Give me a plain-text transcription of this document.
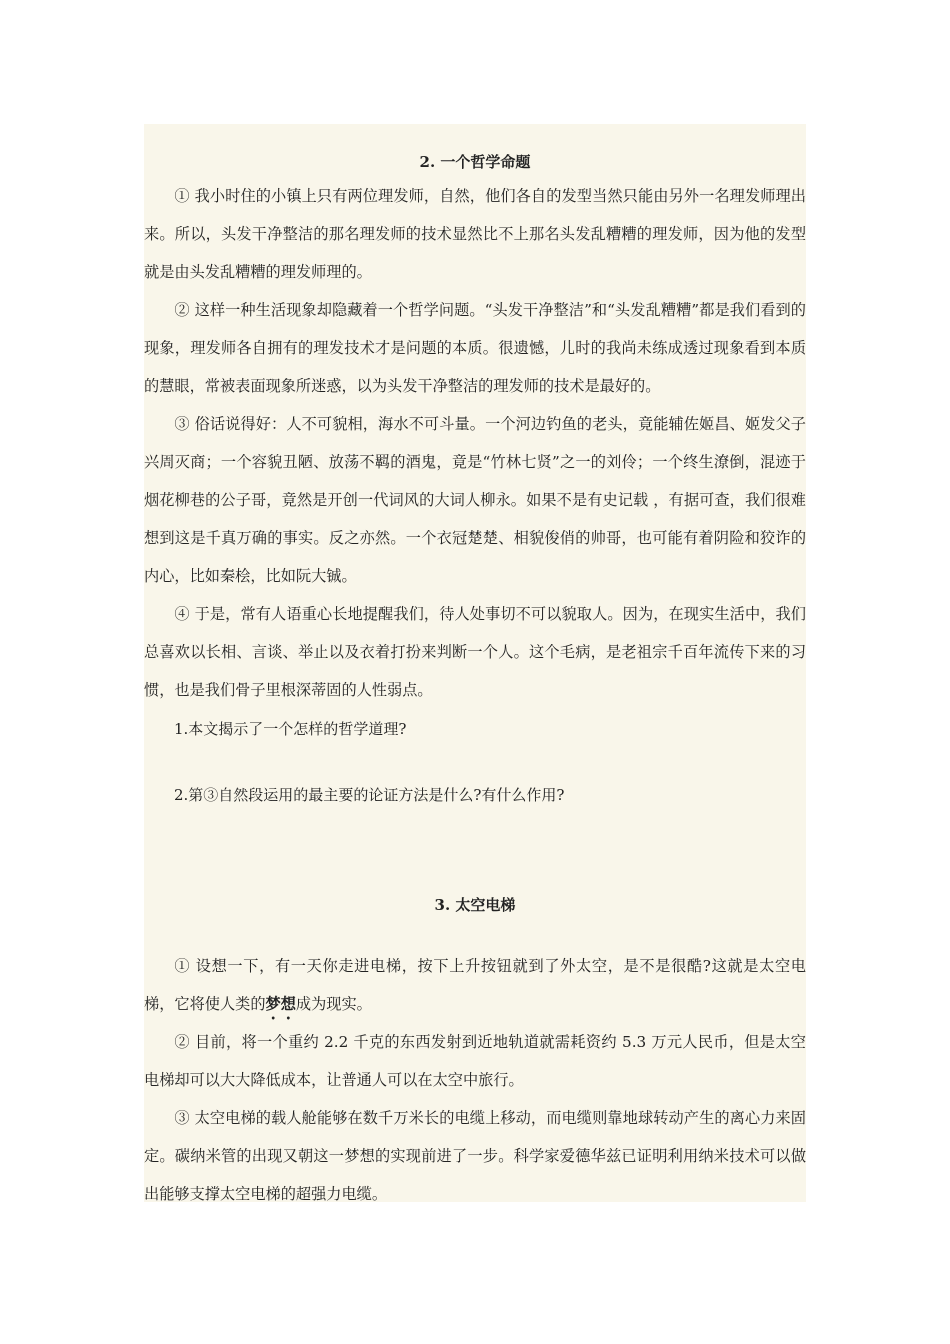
2. 一个哲学命题

① 我小时住的小镇上只有两位理发师，自然，他们各自的发型当然只能由另外一名理发师理出来。所以，头发干净整洁的那名理发师的技术显然比不上那名头发乱糟糟的理发师，因为他的发型就是由头发乱糟糟的理发师理的。

② 这样一种生活现象却隐藏着一个哲学问题。“头发干净整洁”和“头发乱糟糟”都是我们看到的现象，理发师各自拥有的理发技术才是问题的本质。很遗憾，儿时的我尚未练成透过现象看到本质的慧眼，常被表面现象所迷惑，以为头发干净整洁的理发师的技术是最好的。

③ 俗话说得好：人不可貌相，海水不可斗量。一个河边钓鱼的老头，竟能辅佐姬昌、姬发父子兴周灭商；一个容貌丑陋、放荡不羁的酒鬼，竟是“竹林七贤”之一的刘伶；一个终生潦倒，混迹于烟花柳巷的公子哥，竟然是开创一代词风的大词人柳永。如果不是有史记载 ，有据可查，我们很难想到这是千真万确的事实。反之亦然。一个衣冠楚楚、相貌俊俏的帅哥，也可能有着阴险和狡诈的内心，比如秦桧，比如阮大铖。

④ 于是，常有人语重心长地提醒我们，待人处事切不可以貌取人。因为，在现实生活中，我们总喜欢以长相、言谈、举止以及衣着打扮来判断一个人。这个毛病，是老祖宗千百年流传下来的习惯，也是我们骨子里根深蒂固的人性弱点。

1.本文揭示了一个怎样的哲学道理?
2.第③自然段运用的最主要的论证方法是什么?有什么作用?
3. 太空电梯

① 设想一下，有一天你走进电梯，按下上升按钮就到了外太空，是不是很酷?这就是太空电梯，它将使人类的梦想成为现实。

② 目前，将一个重约 2.2 千克的东西发射到近地轨道就需耗资约 5.3 万元人民币，但是太空电梯却可以大大降低成本，让普通人可以在太空中旅行。

③ 太空电梯的载人舱能够在数千万米长的电缆上移动，而电缆则靠地球转动产生的离心力来固定。碳纳米管的出现又朝这一梦想的实现前进了一步。科学家爱德华兹已证明利用纳米技术可以做出能够支撑太空电梯的超强力电缆。
